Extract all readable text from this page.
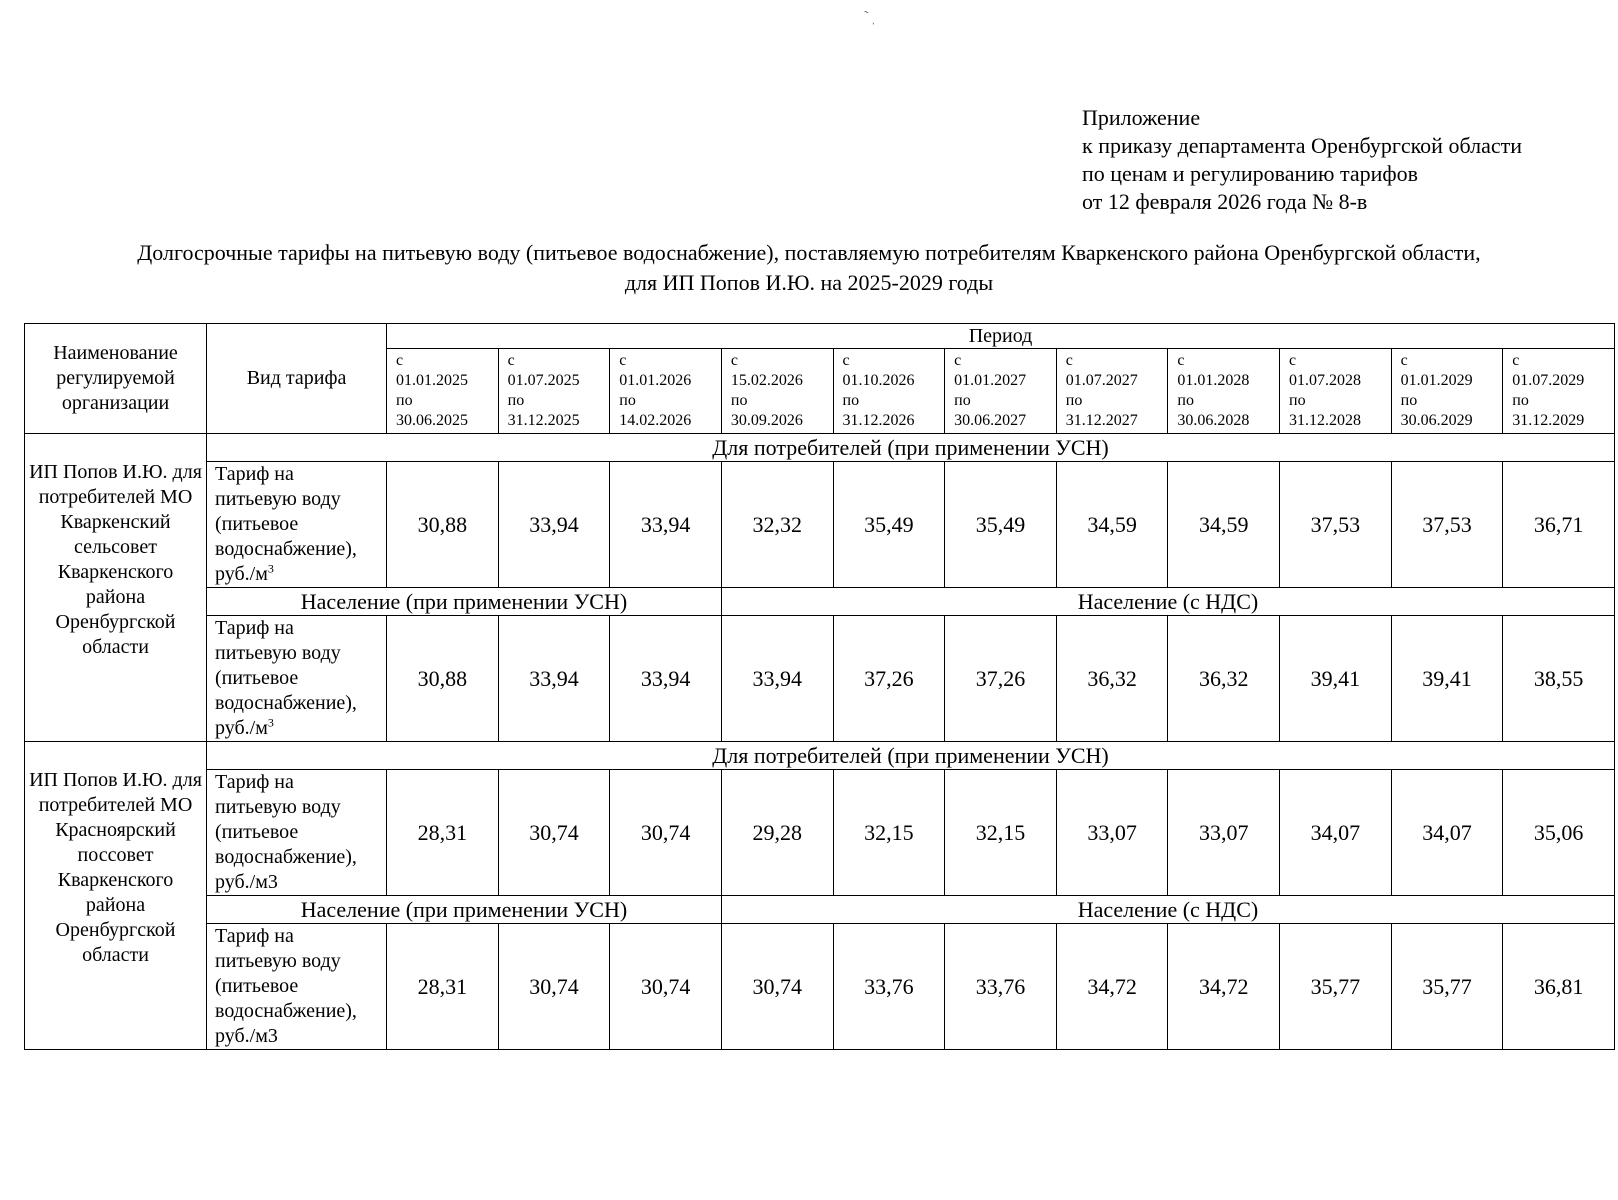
˜ ˎ
Приложение
к приказу департамента Оренбургской области
по ценам и регулированию тарифов
от 12 февраля 2026 года № 8-в
Долгосрочные тарифы на питьевую воду (питьевое водоснабжение), поставляемую потребителям Кваркенского района Оренбургской области,
для ИП Попов И.Ю. на 2025-2029 годы
Наименование регулируемой организации	Вид тарифа	Период										

		с
01.01.2025
по
30.06.2025	с
01.07.2025
по
31.12.2025	с
01.01.2026
по
14.02.2026	с
15.02.2026
по
30.09.2026	с
01.10.2026
по
31.12.2026	с
01.01.2027
по
30.06.2027	с
01.07.2027
по
31.12.2027	с
01.01.2028
по
30.06.2028	с
01.07.2028
по
31.12.2028	с
01.01.2029
по
30.06.2029	с
01.07.2029
по
31.12.2029

ИП Попов И.Ю. для потребителей МО Кваркенский сельсовет Кваркенского района Оренбургской области	Для потребителей (при применении УСН)											
	Тариф на питьевую воду (питьевое водоснабжение), $руб./м^3$	30,88	33,94	33,94	32,32	35,49	35,49	34,59	34,59	37,53	37,53	36,71
	Население (при применении УСН)				Население (с НДС)							
	Тариф на питьевую воду (питьевое водоснабжение), $руб./м^3$	30,88	33,94	33,94	33,94	37,26	37,26	36,32	36,32	39,41	39,41	38,55
ИП Попов И.Ю. для потребителей МО Красноярский поссовет Кваркенского района Оренбургской области	Для потребителей (при применении УСН)											
	Тариф на питьевую воду (питьевое водоснабжение), руб./м3	28,31	30,74	30,74	29,28	32,15	32,15	33,07	33,07	34,07	34,07	35,06
	Население (при применении УСН)				Население (с НДС)							
	Тариф на питьевую воду (питьевое водоснабжение), руб./м3	28,31	30,74	30,74	30,74	33,76	33,76	34,72	34,72	35,77	35,77	36,81
